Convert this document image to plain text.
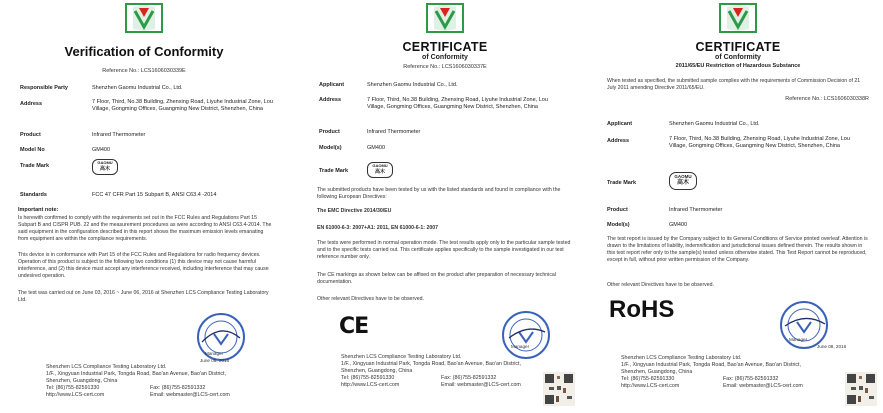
Verification of Conformity
Reference No.: LCS1606030339E
Responsible Party	Shenzhen Gaomu Industrial Co., Ltd.
Address	7 Floor, Third, No.38 Building, Zhenxing Road, Liyuhe Industrial Zone, Lou Village, Gongming Offices, Guangming New District, Shenzhen, China
Product	Infrared Thermometer
Model No	GM400
Trade Mark
GAOMU
高木
Standards	FCC 47 CFR Part 15 Subpart B, ANSI C63.4 -2014
Important note:
Is herewith confirmed to comply with the requirements set out in the FCC Rules and Regulations Part 15 Subpart B and CISPR PUB. 22 and the measurement procedures as were according to ANSI C63.4-2014. The said equipment in the configuration described in this report shows the maximum emission levels emanating from equipment are within the compliance requirements.
This device is in conformance with Part 15 of the FCC Rules and Regulations for radio frequency devices. Operation of this product is subject to the following two conditions (1) this device may not cause harmful interference, and (2) this device must accept any interference received, including interference that may cause undesired operation.
The test was carried out on June 03, 2016 ~ June 06, 2016 at Shenzhen LCS Compliance Testing Laboratory Ltd.
Manager
June 06, 2016
Shenzhen LCS Compliance Testing Laboratory Ltd.
1/F., Xingyuan Industrial Park, Tongda Road, Bao'an Avenue, Bao'an District,
Shenzhen, Guangdong, China
Tel: (86)755-82591330	Fax: (86)755-82591332
http://www.LCS-cert.com	Email: webmaster@LCS-cert.com
CERTIFICATE
of Conformity
Reference No.: LCS1606030337E
Applicant	Shenzhen Gaomu Industrial Co., Ltd.
Address	7 Floor, Third, No.38 Building, Zhenxing Road, Liyuhe Industrial Zone, Lou Village, Gongming Offices, Guangming New District, Shenzhen, China
Product	Infrared Thermometer
Model(s)	GM400
Trade Mark
GAOMU
高木
The submitted products have been tested by us with the listed standards and found in compliance with the following European Directives:
The EMC Directive 2014/30/EU
EN 61000-6-3: 2007+A1: 2011, EN 61000-6-1: 2007
The tests were performed in normal operation mode. The test results apply only to the particular sample tested and to the specific tests carried out. This certificate applies specifically to the sample investigated in our test reference number only.
The CE markings as shown below can be affixed on the product after preparation of necessary technical documentation.
Other relevant Directives have to be observed.
CE
Manager
Shenzhen LCS Compliance Testing Laboratory Ltd.
1/F., Xingyuan Industrial Park, Tongda Road, Bao'an Avenue, Bao'an District,
Shenzhen, Guangdong, China
Tel: (86)755-82591330	Fax: (86)755-82591332
http://www.LCS-cert.com	Email: webmaster@LCS-cert.com
CERTIFICATE
of Conformity
2011/65/EU Restriction of Hazardous Substance
When tested as specified, the submitted sample complies with the requirements of Commission Decision of 21 July 2011 amending Directive 2011/65/EU.
Reference No.: LCS1606030338R
Applicant	Shenzhen Gaomu Industrial Co., Ltd.
Address	7 Floor, Third, No.38 Building, Zhenxing Road, Liyuhe Industrial Zone, Lou Village, Gongming Offices, Guangming New District, Shenzhen, China
Trade Mark
GAOMU
高木
Product	Infrared Thermometer
Model(s)	GM400
The test report is issued by the Company subject to its General Conditions of Service printed overleaf. Attention is drawn to the limitations of liability, indemnification and jurisdictional issues defined therein. The results shown in this test report refer only to the sample(s) tested unless otherwise stated. This Test Report cannot be reproduced, except in full, without prior written permission of the Company.
Other relevant Directives have to be observed.
RoHS
Manager
June 08, 2016
Shenzhen LCS Compliance Testing Laboratory Ltd.
1/F., Xingyuan Industrial Park, Tongda Road, Bao'an Avenue, Bao'an District,
Shenzhen, Guangdong, China
Tel: (86)755-82591330	Fax: (86)755-82591332
http://www.LCS-cert.com	Email: webmaster@LCS-cert.com
